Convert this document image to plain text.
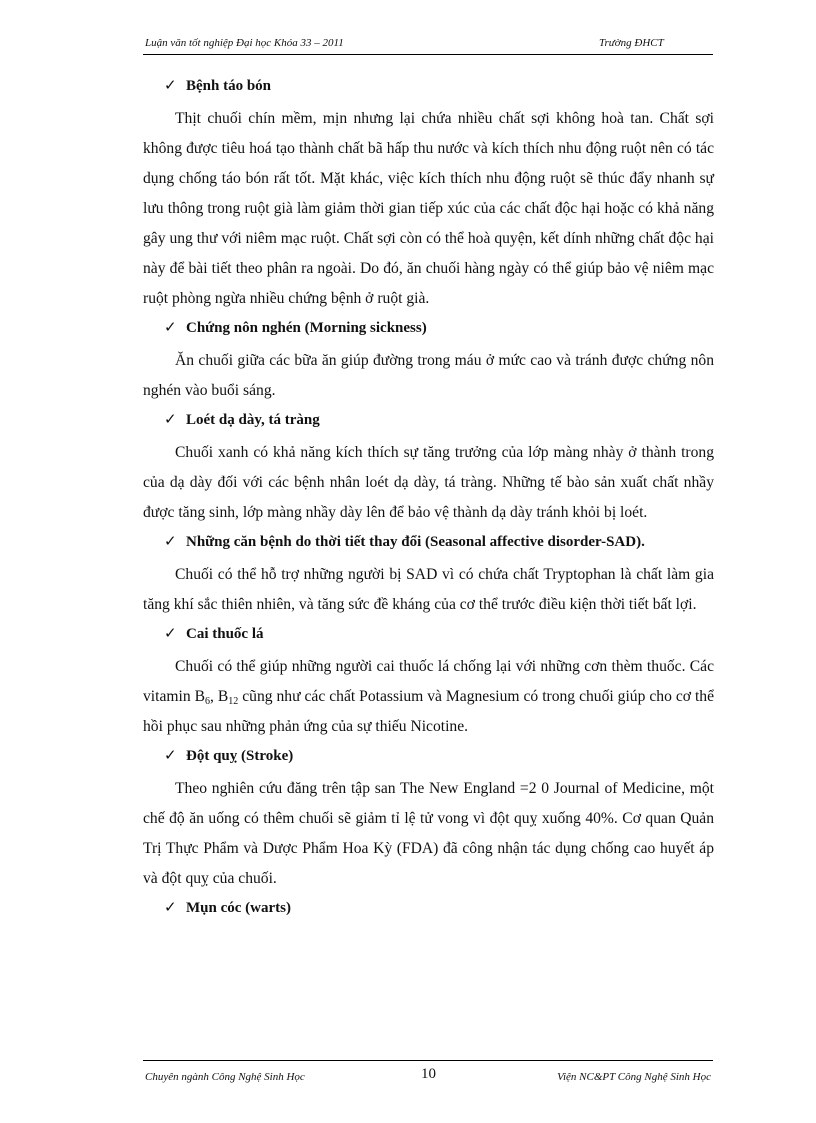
Luận văn tốt nghiệp Đại học Khóa 33 – 2011	Trường ĐHCT
✓ Bệnh táo bón

Thịt chuối chín mềm, mịn nhưng lại chứa nhiều chất sợi không hoà tan. Chất sợi không được tiêu hoá tạo thành chất bã hấp thu nước và kích thích nhu động ruột nên có tác dụng chống táo bón rất tốt. Mặt khác, việc kích thích nhu động ruột sẽ thúc đẩy nhanh sự lưu thông trong ruột già làm giảm thời gian tiếp xúc của các chất độc hại hoặc có khả năng gây ung thư với niêm mạc ruột. Chất sợi còn có thể hoà quyện, kết dính những chất độc hại này để bài tiết theo phân ra ngoài. Do đó, ăn chuối hàng ngày có thể giúp bảo vệ niêm mạc ruột phòng ngừa nhiều chứng bệnh ở ruột già.

✓ Chứng nôn nghén (Morning sickness)

Ăn chuối giữa các bữa ăn giúp đường trong máu ở mức cao và tránh được chứng nôn nghén vào buổi sáng.

✓ Loét dạ dày, tá tràng

Chuối xanh có khả năng kích thích sự tăng trưởng của lớp màng nhày ở thành trong của dạ dày đối với các bệnh nhân loét dạ dày, tá tràng. Những tế bào sản xuất chất nhầy được tăng sinh, lớp màng nhầy dày lên để bảo vệ thành dạ dày tránh khỏi bị loét.

✓ Những căn bệnh do thời tiết thay đổi (Seasonal affective disorder-SAD).

Chuối có thể hỗ trợ những người bị SAD vì có chứa chất Tryptophan là chất làm gia tăng khí sắc thiên nhiên, và tăng sức đề kháng của cơ thể trước điều kiện thời tiết bất lợi.

✓ Cai thuốc lá

Chuối có thể giúp những người cai thuốc lá chống lại với những cơn thèm thuốc. Các vitamin $B_6$, $B_{12}$ cũng như các chất Potassium và Magnesium có trong chuối giúp cho cơ thể hồi phục sau những phản ứng của sự thiếu Nicotine.

✓ Đột quỵ (Stroke)

Theo nghiên cứu đăng trên tập san The New England =2 0 Journal of Medicine, một chế độ ăn uống có thêm chuối sẽ giảm tỉ lệ tử vong vì đột quỵ xuống 40%. Cơ quan Quản Trị Thực Phẩm và Dược Phẩm Hoa Kỳ (FDA) đã công nhận tác dụng chống cao huyết áp và đột quỵ của chuối.

✓ Mụn cóc (warts)
Chuyên ngành Công Nghệ Sinh Học	10	Viện NC&PT Công Nghệ Sinh Học
